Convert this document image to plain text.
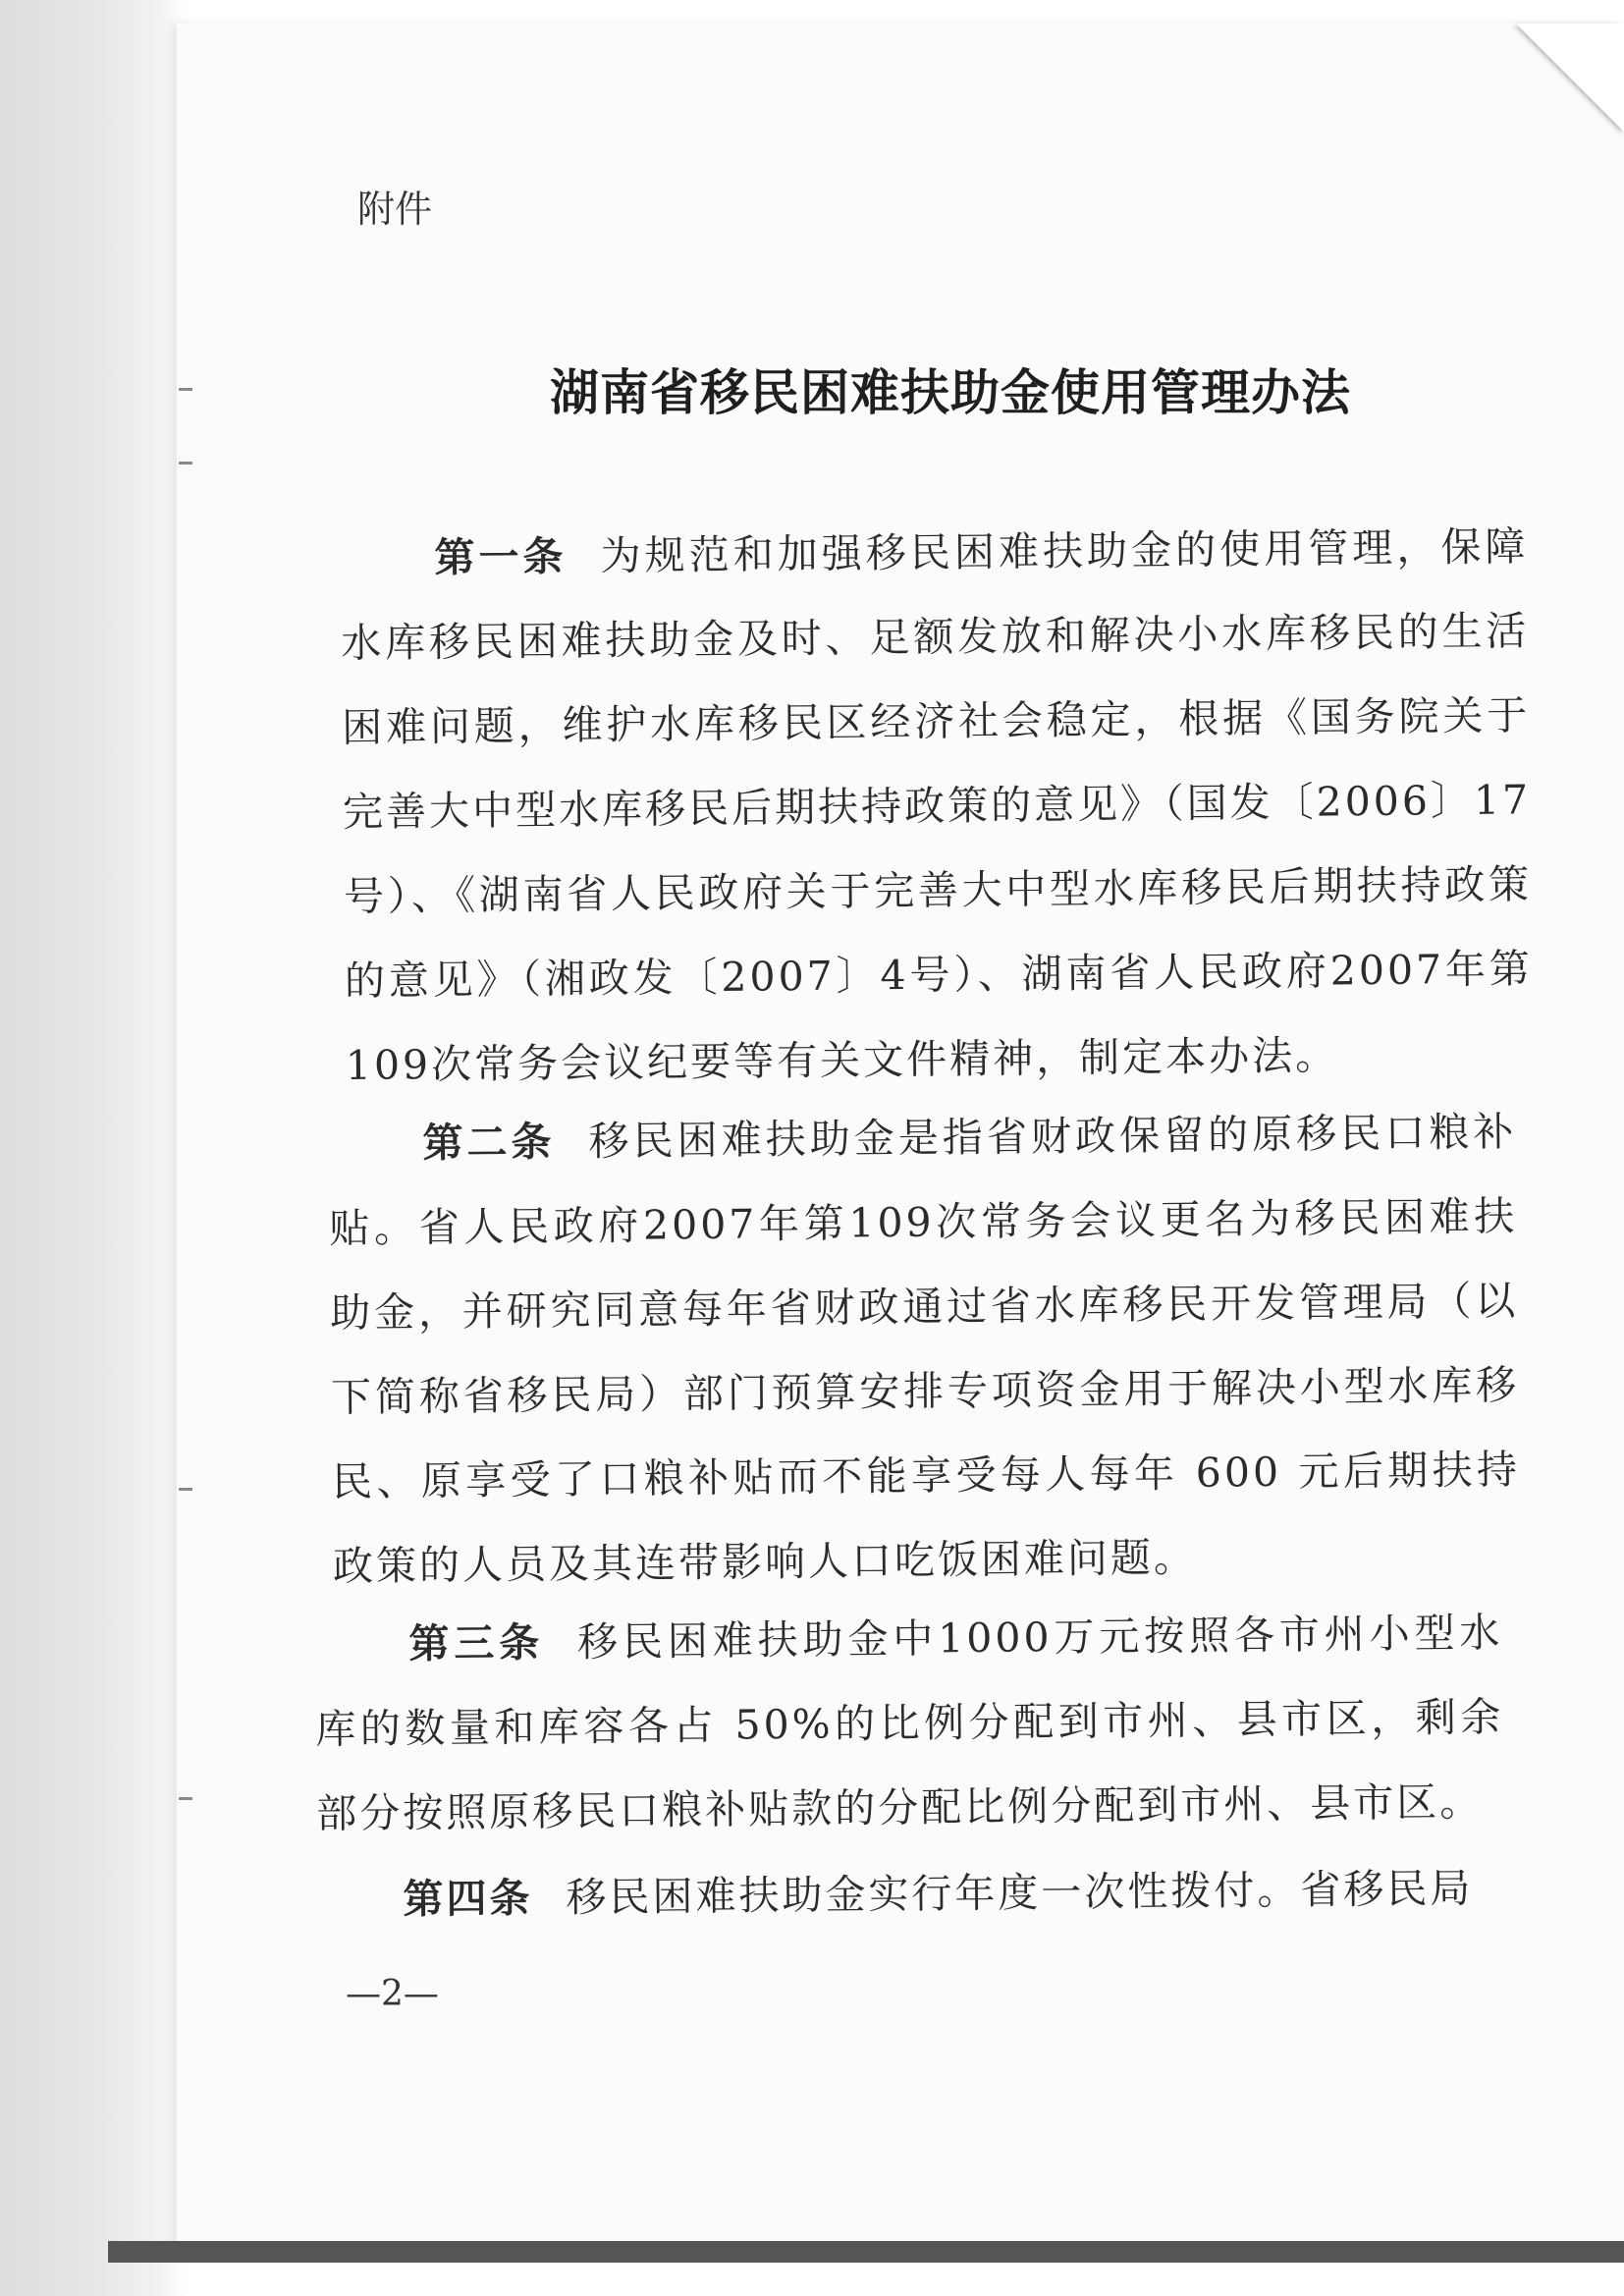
附件
湖南省移民困难扶助金使用管理办法
第一条 为规范和加强移民困难扶助金的使用管理，保障水库移民困难扶助金及时、足额发放和解决小水库移民的生活困难问题，维护水库移民区经济社会稳定，根据《国务院关于完善大中型水库移民后期扶持政策的意见》（国发〔2006〕17号）、《湖南省人民政府关于完善大中型水库移民后期扶持政策的意见》（湘政发〔2007〕4号）、湖南省人民政府2007年第109次常务会议纪要等有关文件精神，制定本办法。
第二条 移民困难扶助金是指省财政保留的原移民口粮补贴。省人民政府2007年第109次常务会议更名为移民困难扶助金，并研究同意每年省财政通过省水库移民开发管理局（以下简称省移民局）部门预算安排专项资金用于解决小型水库移民、原享受了口粮补贴而不能享受每人每年 600 元后期扶持政策的人员及其连带影响人口吃饭困难问题。
第三条 移民困难扶助金中1000万元按照各市州小型水库的数量和库容各占 50%的比例分配到市州、县市区，剩余部分按照原移民口粮补贴款的分配比例分配到市州、县市区。
第四条 移民困难扶助金实行年度一次性拨付。省移民局
—2—
